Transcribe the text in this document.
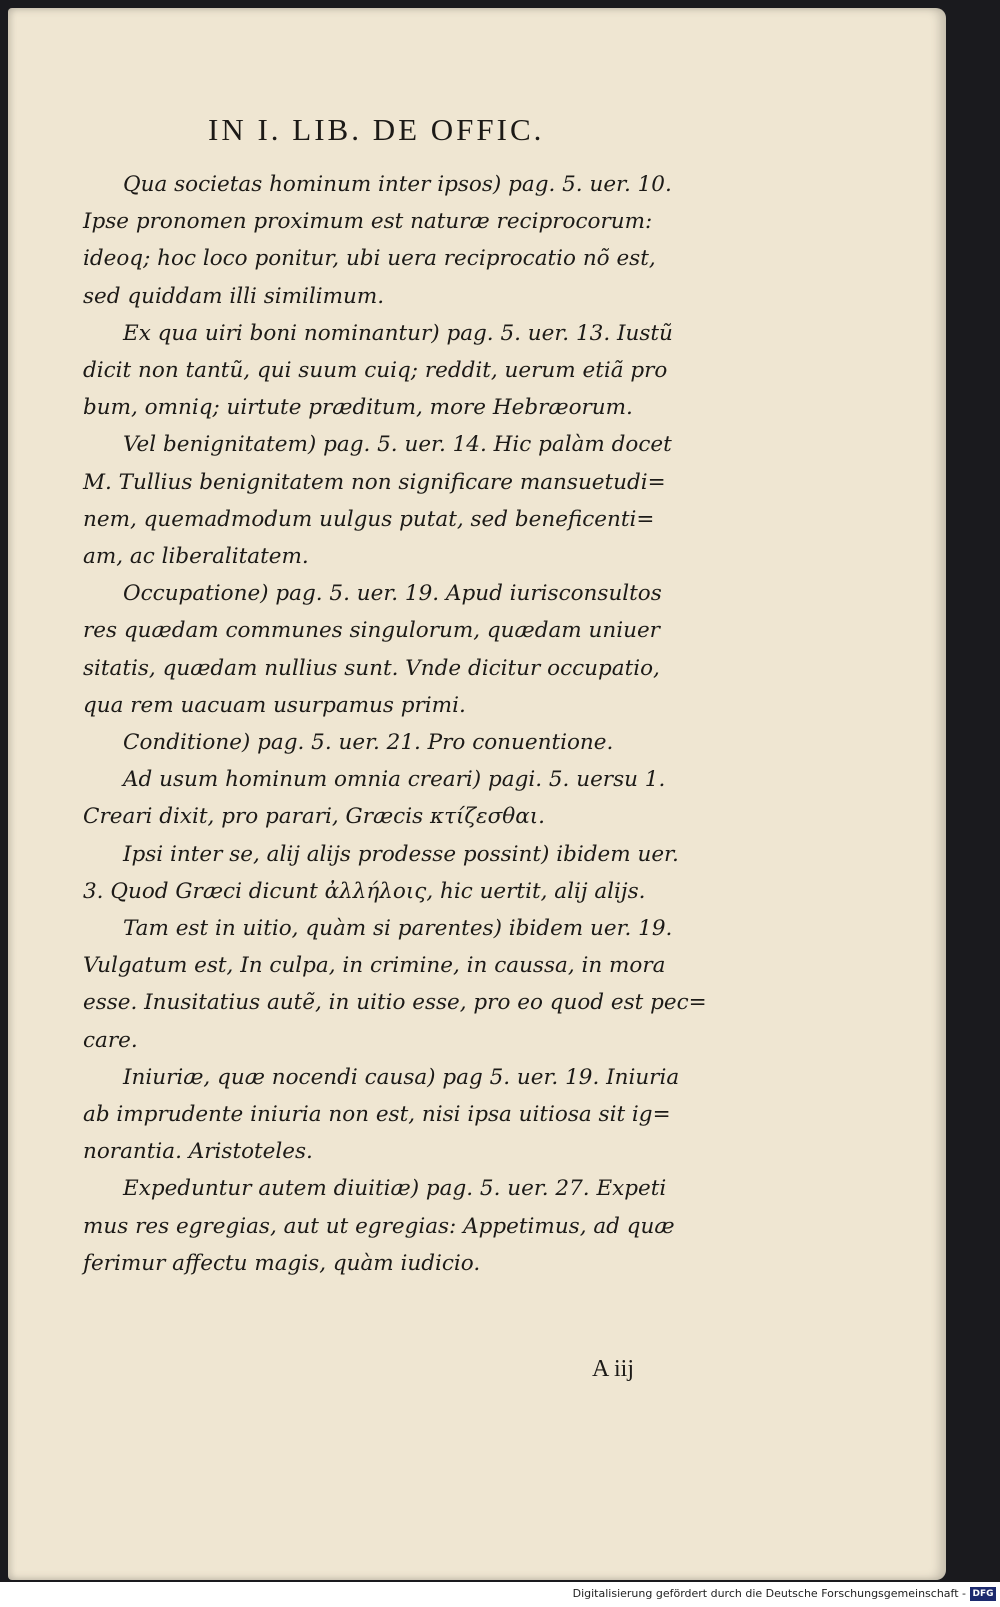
IN I. LIB. DE OFFIC.
Qua societas hominum inter ipsos) pag. 5. uer. 10.
Ipse pronomen proximum est naturæ reciprocorum:
ideoq; hoc loco ponitur, ubi uera reciprocatio nõ est,
sed quiddam illi similimum.
Ex qua uiri boni nominantur) pag. 5. uer. 13. Iustũ
dicit non tantũ, qui suum cuiq; reddit, uerum etiã pro
bum, omniq; uirtute præditum, more Hebræorum.
Vel benignitatem) pag. 5. uer. 14. Hic palàm docet
M. Tullius benignitatem non significare mansuetudi=
nem, quemadmodum uulgus putat, sed beneficenti=
am, ac liberalitatem.
Occupatione) pag. 5. uer. 19. Apud iurisconsultos
res quædam communes singulorum, quædam uniuer
sitatis, quædam nullius sunt. Vnde dicitur occupatio,
qua rem uacuam usurpamus primi.
Conditione) pag. 5. uer. 21. Pro conuentione.
Ad usum hominum omnia creari) pagi. 5. uersu 1.
Creari dixit, pro parari, Græcis κτίζεσθαι.
Ipsi inter se, alij alijs prodesse possint) ibidem uer.
3. Quod Græci dicunt ἀλλήλοις, hic uertit, alij alijs.
Tam est in uitio, quàm si parentes) ibidem uer. 19.
Vulgatum est, In culpa, in crimine, in caussa, in mora
esse. Inusitatius autẽ, in uitio esse, pro eo quod est pec=
care.
Iniuriæ, quæ nocendi causa) pag 5. uer. 19. Iniuria
ab imprudente iniuria non est, nisi ipsa uitiosa sit ig=
norantia. Aristoteles.
Expeduntur autem diuitiæ) pag. 5. uer. 27. Expeti
mus res egregias, aut ut egregias: Appetimus, ad quæ
ferimur affectu magis, quàm iudicio.
A iij
Digitalisierung gefördert durch die Deutsche Forschungsgemeinschaft - DFG
